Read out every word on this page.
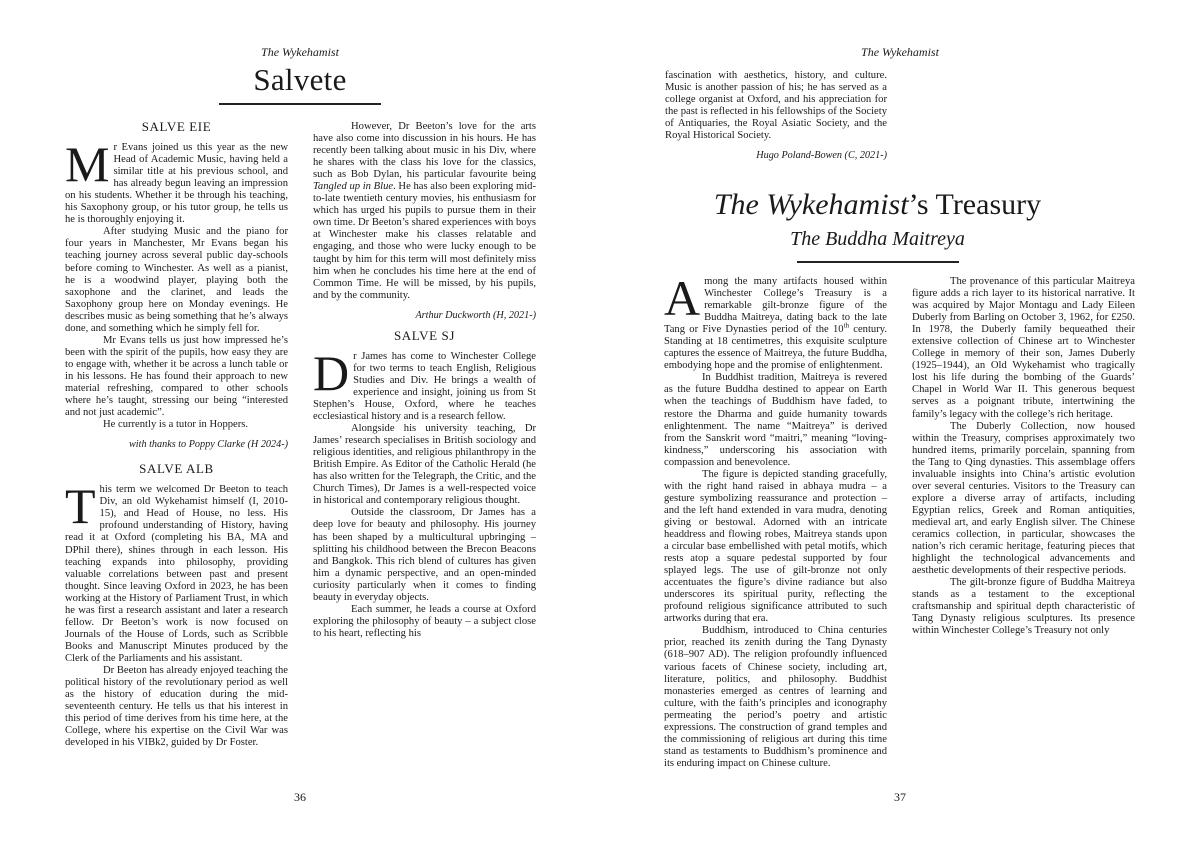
The Wykehamist
Salvete
SALVE EIE

Mr Evans joined us this year as the new Head of Academic Music, having held a similar title at his previous school, and has already begun leaving an impression on his students. Whether it be through his teaching, his Saxophony group, or his tutor group, he tells us he is thoroughly enjoying it.

After studying Music and the piano for four years in Manchester, Mr Evans began his teaching journey across several public day-schools before coming to Winchester. As well as a pianist, he is a woodwind player, playing both the saxophone and the clarinet, and leads the Saxophony group here on Monday evenings. He describes music as being something that he’s always done, and something which he simply fell for.

Mr Evans tells us just how impressed he’s been with the spirit of the pupils, how easy they are to engage with, whether it be across a lunch table or in his lessons. He has found their approach to new material refreshing, compared to other schools where he’s taught, stressing our being “interested and not just academic”.

He currently is a tutor in Hoppers.

with thanks to Poppy Clarke (H 2024-)
SALVE ALB

This term we welcomed Dr Beeton to teach Div, an old Wykehamist himself (I, 2010-15), and Head of House, no less. His profound understanding of History, having read it at Oxford (completing his BA, MA and DPhil there), shines through in each lesson. His teaching expands into philosophy, providing valuable correlations between past and present thought. Since leaving Oxford in 2023, he has been working at the History of Parliament Trust, in which he was first a research assistant and later a research fellow. Dr Beeton’s work is now focused on Journals of the House of Lords, such as Scribble Books and Manuscript Minutes produced by the Clerk of the Parliaments and his assistant.

Dr Beeton has already enjoyed teaching the political history of the revolutionary period as well as the history of education during the mid-seventeenth century. He tells us that his interest in this period of time derives from his time here, at the College, where his expertise on the Civil War was developed in his VIBk2, guided by Dr Foster.

However, Dr Beeton’s love for the arts have also come into discussion in his hours. He has recently been talking about music in his Div, where he shares with the class his love for the classics, such as Bob Dylan, his particular favourite being Tangled up in Blue. He has also been exploring mid-to-late twentieth century movies, his enthusiasm for which has urged his pupils to pursue them in their own time. Dr Beeton’s shared experiences with boys at Winchester make his classes relatable and engaging, and those who were lucky enough to be taught by him for this term will most definitely miss him when he concludes his time here at the end of Common Time. He will be missed, by his pupils, and by the community.

Arthur Duckworth (H, 2021-)
SALVE SJ

Dr James has come to Winchester College for two terms to teach English, Religious Studies and Div. He brings a wealth of experience and insight, joining us from St Stephen’s House, Oxford, where he teaches ecclesiastical history and is a research fellow.

Alongside his university teaching, Dr James’ research specialises in British sociology and religious identities, and religious philanthropy in the British Empire. As Editor of the Catholic Herald (he has also written for the Telegraph, the Critic, and the Church Times), Dr James is a well-respected voice in historical and contemporary religious thought.

Outside the classroom, Dr James has a deep love for beauty and philosophy. His journey has been shaped by a multicultural upbringing – splitting his childhood between the Brecon Beacons and Bangkok. This rich blend of cultures has given him a dynamic perspective, and an open-minded curiosity particularly when it comes to finding beauty in everyday objects.

Each summer, he leads a course at Oxford exploring the philosophy of beauty – a subject close to his heart, reflecting his

36
The Wykehamist

fascination with aesthetics, history, and culture. Music is another passion of his; he has served as a college organist at Oxford, and his appreciation for the past is reflected in his fellowships of the Society of Antiquaries, the Royal Asiatic Society, and the Royal Historical Society.

Hugo Poland-Bowen (C, 2021-)
The Wykehamist’s Treasury
The Buddha Maitreya

Among the many artifacts housed within Winchester College’s Treasury is a remarkable gilt-bronze figure of the Buddha Maitreya, dating back to the late Tang or Five Dynasties period of the 10th century. Standing at 18 centimetres, this exquisite sculpture captures the essence of Maitreya, the future Buddha, embodying hope and the promise of enlightenment.

In Buddhist tradition, Maitreya is revered as the future Buddha destined to appear on Earth when the teachings of Buddhism have faded, to restore the Dharma and guide humanity towards enlightenment. The name “Maitreya” is derived from the Sanskrit word “maitri,” meaning “loving-kindness,” underscoring his association with compassion and benevolence.

The figure is depicted standing gracefully, with the right hand raised in abhaya mudra – a gesture symbolizing reassurance and protection – and the left hand extended in vara mudra, denoting giving or bestowal. Adorned with an intricate headdress and flowing robes, Maitreya stands upon a circular base embellished with petal motifs, which rests atop a square pedestal supported by four splayed legs. The use of gilt-bronze not only accentuates the figure’s divine radiance but also underscores its spiritual purity, reflecting the profound religious significance attributed to such artworks during that era.

Buddhism, introduced to China centuries prior, reached its zenith during the Tang Dynasty (618–907 AD). The religion profoundly influenced various facets of Chinese society, including art, literature, politics, and philosophy. Buddhist monasteries emerged as centres of learning and culture, with the faith’s principles and iconography permeating the period’s poetry and artistic expressions. The construction of grand temples and the commissioning of religious art during this time stand as testaments to Buddhism’s prominence and its enduring impact on Chinese culture.

The provenance of this particular Maitreya figure adds a rich layer to its historical narrative. It was acquired by Major Montagu and Lady Eileen Duberly from Barling on October 3, 1962, for £250. In 1978, the Duberly family bequeathed their extensive collection of Chinese art to Winchester College in memory of their son, James Duberly (1925–1944), an Old Wykehamist who tragically lost his life during the bombing of the Guards’ Chapel in World War II. This generous bequest serves as a poignant tribute, intertwining the family’s legacy with the college’s rich heritage.

The Duberly Collection, now housed within the Treasury, comprises approximately two hundred items, primarily porcelain, spanning from the Tang to Qing dynasties. This assemblage offers invaluable insights into China’s artistic evolution over several centuries. Visitors to the Treasury can explore a diverse array of artifacts, including Egyptian relics, Greek and Roman antiquities, medieval art, and early English silver. The Chinese ceramics collection, in particular, showcases the nation’s rich ceramic heritage, featuring pieces that highlight the technological advancements and aesthetic developments of their respective periods.

The gilt-bronze figure of Buddha Maitreya stands as a testament to the exceptional craftsmanship and spiritual depth characteristic of Tang Dynasty religious sculptures. Its presence within Winchester College’s Treasury not only

37
